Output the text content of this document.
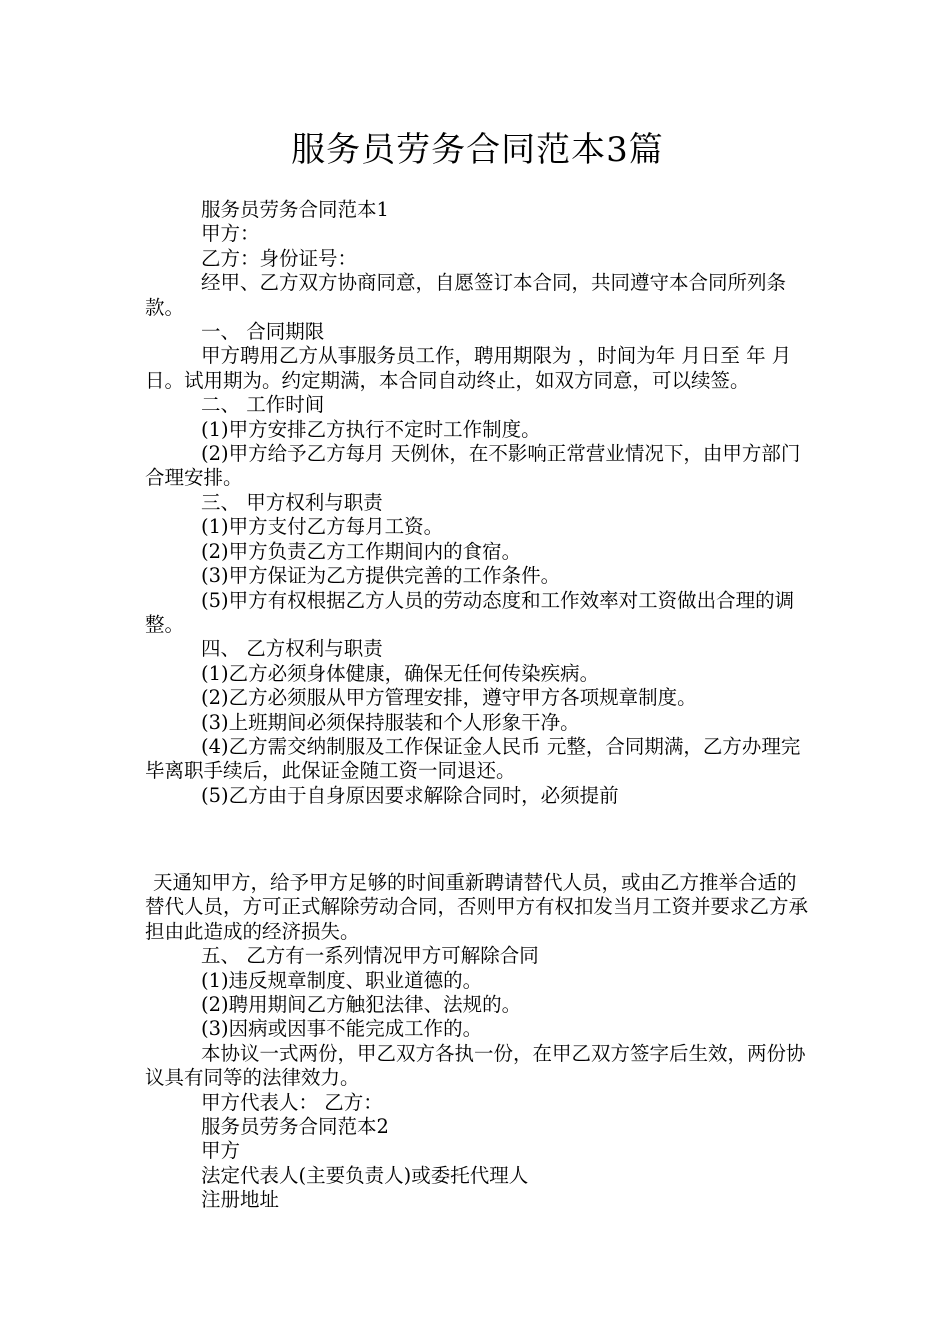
服务员劳务合同范本3篇

服务员劳务合同范本1

甲方：

乙方：身份证号：

经甲、乙方双方协商同意，自愿签订本合同，共同遵守本合同所列条款。

一、 合同期限

甲方聘用乙方从事服务员工作，聘用期限为 ，时间为年 月日至 年 月 日。试用期为。约定期满，本合同自动终止，如双方同意，可以续签。

二、 工作时间

(1)甲方安排乙方执行不定时工作制度。

(2)甲方给予乙方每月 天例休，在不影响正常营业情况下，由甲方部门合理安排。

三、 甲方权利与职责

(1)甲方支付乙方每月工资。

(2)甲方负责乙方工作期间内的食宿。

(3)甲方保证为乙方提供完善的工作条件。

(5)甲方有权根据乙方人员的劳动态度和工作效率对工资做出合理的调整。

四、 乙方权利与职责

(1)乙方必须身体健康，确保无任何传染疾病。

(2)乙方必须服从甲方管理安排，遵守甲方各项规章制度。

(3)上班期间必须保持服装和个人形象干净。

(4)乙方需交纳制服及工作保证金人民币 元整，合同期满，乙方办理完毕离职手续后，此保证金随工资一同退还。

(5)乙方由于自身原因要求解除合同时，必须提前

天通知甲方，给予甲方足够的时间重新聘请替代人员，或由乙方推举合适的替代人员，方可正式解除劳动合同，否则甲方有权扣发当月工资并要求乙方承担由此造成的经济损失。

五、 乙方有一系列情况甲方可解除合同

(1)违反规章制度、职业道德的。

(2)聘用期间乙方触犯法律、法规的。

(3)因病或因事不能完成工作的。

本协议一式两份，甲乙双方各执一份，在甲乙双方签字后生效，两份协议具有同等的法律效力。

甲方代表人： 乙方：

服务员劳务合同范本2

甲方

法定代表人(主要负责人)或委托代理人

注册地址
